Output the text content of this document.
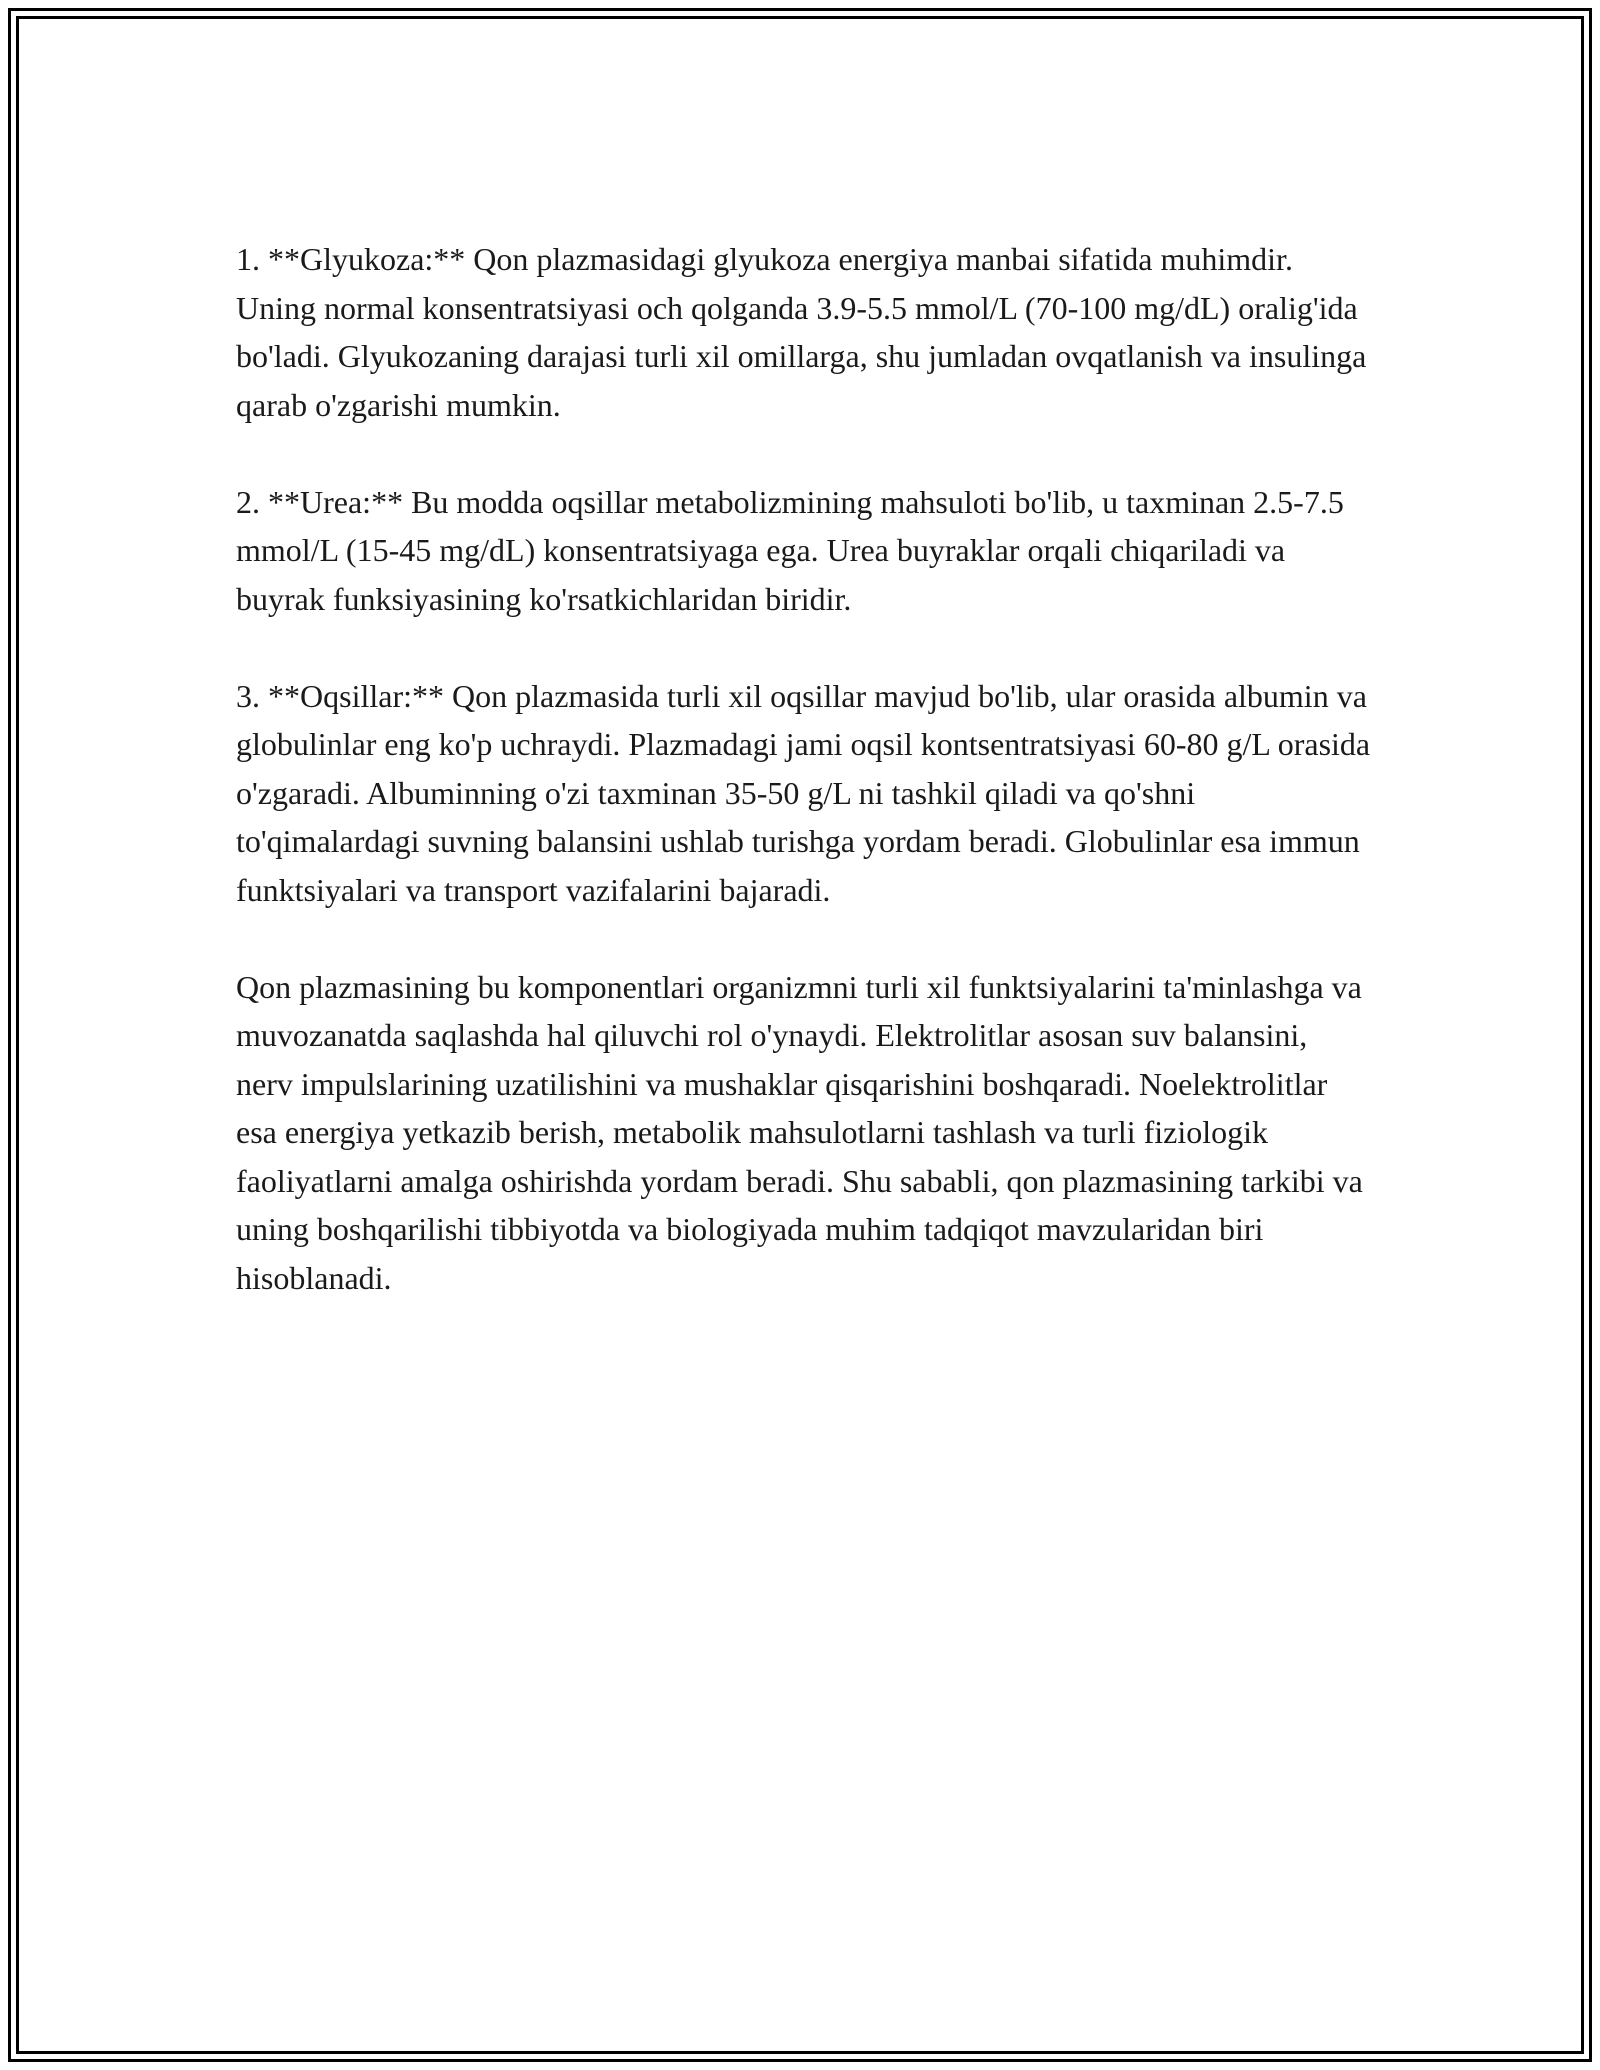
1. **Glyukoza:** Qon plazmasidagi glyukoza energiya manbai sifatida muhimdir. Uning normal konsentratsiyasi och qolganda 3.9-5.5 mmol/L (70-100 mg/dL) oralig'ida bo'ladi. Glyukozaning darajasi turli xil omillarga, shu jumladan ovqatlanish va insulinga qarab o'zgarishi mumkin.

2. **Urea:** Bu modda oqsillar metabolizmining mahsuloti bo'lib, u taxminan 2.5-7.5 mmol/L (15-45 mg/dL) konsentratsiyaga ega. Urea buyraklar orqali chiqariladi va buyrak funksiyasining ko'rsatkichlaridan biridir.

3. **Oqsillar:** Qon plazmasida turli xil oqsillar mavjud bo'lib, ular orasida albumin va globulinlar eng ko'p uchraydi. Plazmadagi jami oqsil kontsentratsiyasi 60-80 g/L orasida o'zgaradi. Albuminning o'zi taxminan 35-50 g/L ni tashkil qiladi va qo'shni to'qimalardagi suvning balansini ushlab turishga yordam beradi. Globulinlar esa immun funktsiyalari va transport vazifalarini bajaradi.

Qon plazmasining bu komponentlari organizmni turli xil funktsiyalarini ta'minlashga va muvozanatda saqlashda hal qiluvchi rol o'ynaydi. Elektrolitlar asosan suv balansini, nerv impulslarining uzatilishini va mushaklar qisqarishini boshqaradi. Noelektrolitlar esa energiya yetkazib berish, metabolik mahsulotlarni tashlash va turli fiziologik faoliyatlarni amalga oshirishda yordam beradi. Shu sababli, qon plazmasining tarkibi va uning boshqarilishi tibbiyotda va biologiyada muhim tadqiqot mavzularidan biri hisoblanadi.
